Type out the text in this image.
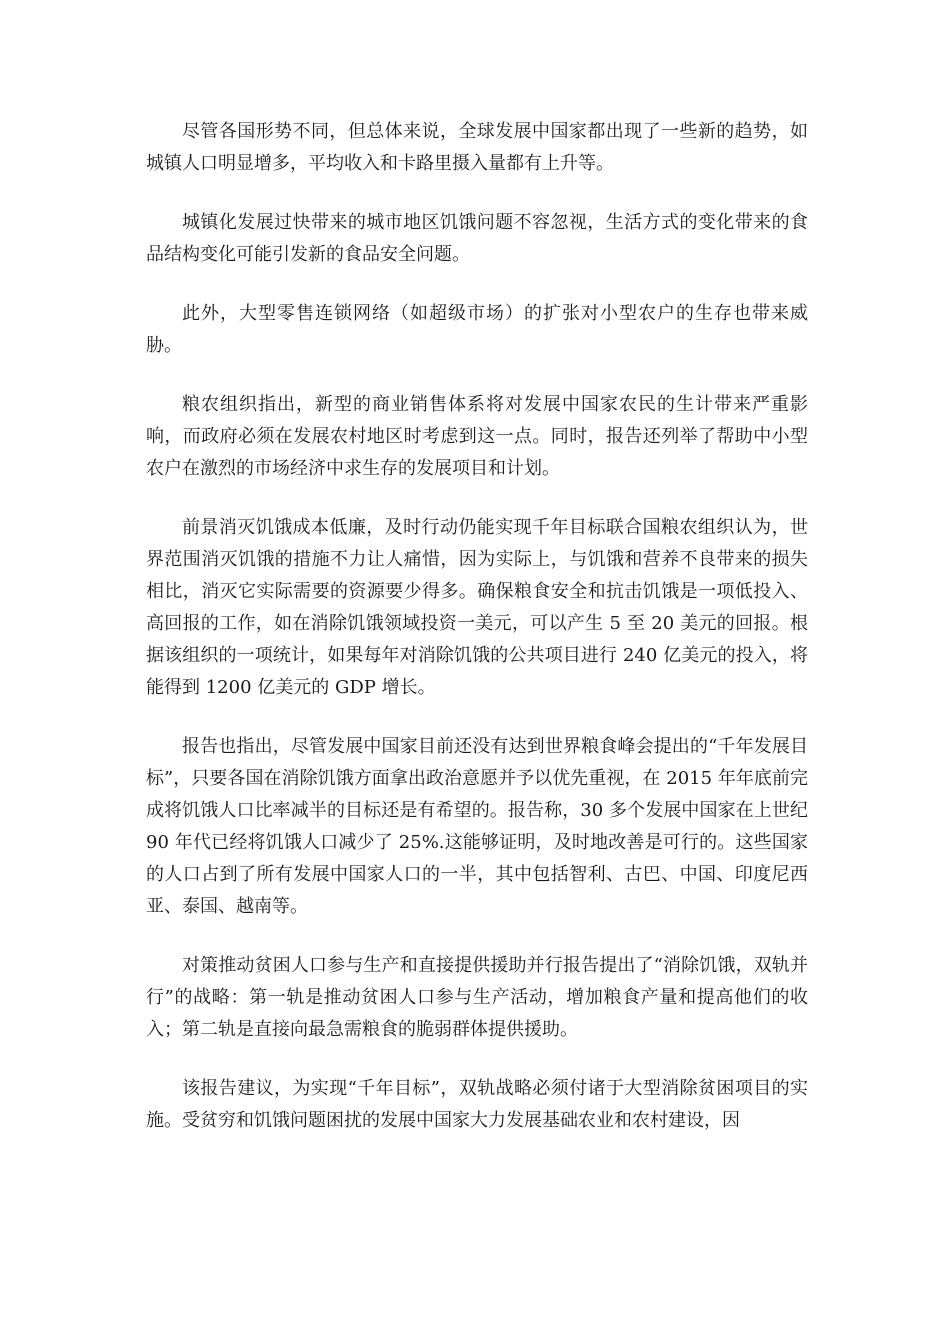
尽管各国形势不同，但总体来说，全球发展中国家都出现了一些新的趋势，如城镇人口明显增多，平均收入和卡路里摄入量都有上升等。

城镇化发展过快带来的城市地区饥饿问题不容忽视，生活方式的变化带来的食品结构变化可能引发新的食品安全问题。

此外，大型零售连锁网络（如超级市场）的扩张对小型农户的生存也带来威胁。

粮农组织指出，新型的商业销售体系将对发展中国家农民的生计带来严重影响，而政府必须在发展农村地区时考虑到这一点。同时，报告还列举了帮助中小型农户在激烈的市场经济中求生存的发展项目和计划。

前景消灭饥饿成本低廉，及时行动仍能实现千年目标联合国粮农组织认为，世界范围消灭饥饿的措施不力让人痛惜，因为实际上，与饥饿和营养不良带来的损失相比，消灭它实际需要的资源要少得多。确保粮食安全和抗击饥饿是一项低投入、高回报的工作，如在消除饥饿领域投资一美元，可以产生 5 至 20 美元的回报。根据该组织的一项统计，如果每年对消除饥饿的公共项目进行 240 亿美元的投入，将能得到 1200 亿美元的 GDP 增长。

报告也指出，尽管发展中国家目前还没有达到世界粮食峰会提出的“千年发展目标”，只要各国在消除饥饿方面拿出政治意愿并予以优先重视，在 2015 年年底前完成将饥饿人口比率减半的目标还是有希望的。报告称，30 多个发展中国家在上世纪 90 年代已经将饥饿人口减少了 25%.这能够证明，及时地改善是可行的。这些国家的人口占到了所有发展中国家人口的一半，其中包括智利、古巴、中国、印度尼西亚、泰国、越南等。

对策推动贫困人口参与生产和直接提供援助并行报告提出了“消除饥饿，双轨并行”的战略：第一轨是推动贫困人口参与生产活动，增加粮食产量和提高他们的收入；第二轨是直接向最急需粮食的脆弱群体提供援助。

该报告建议，为实现“千年目标”，双轨战略必须付诸于大型消除贫困项目的实施。受贫穷和饥饿问题困扰的发展中国家大力发展基础农业和农村建设，因
